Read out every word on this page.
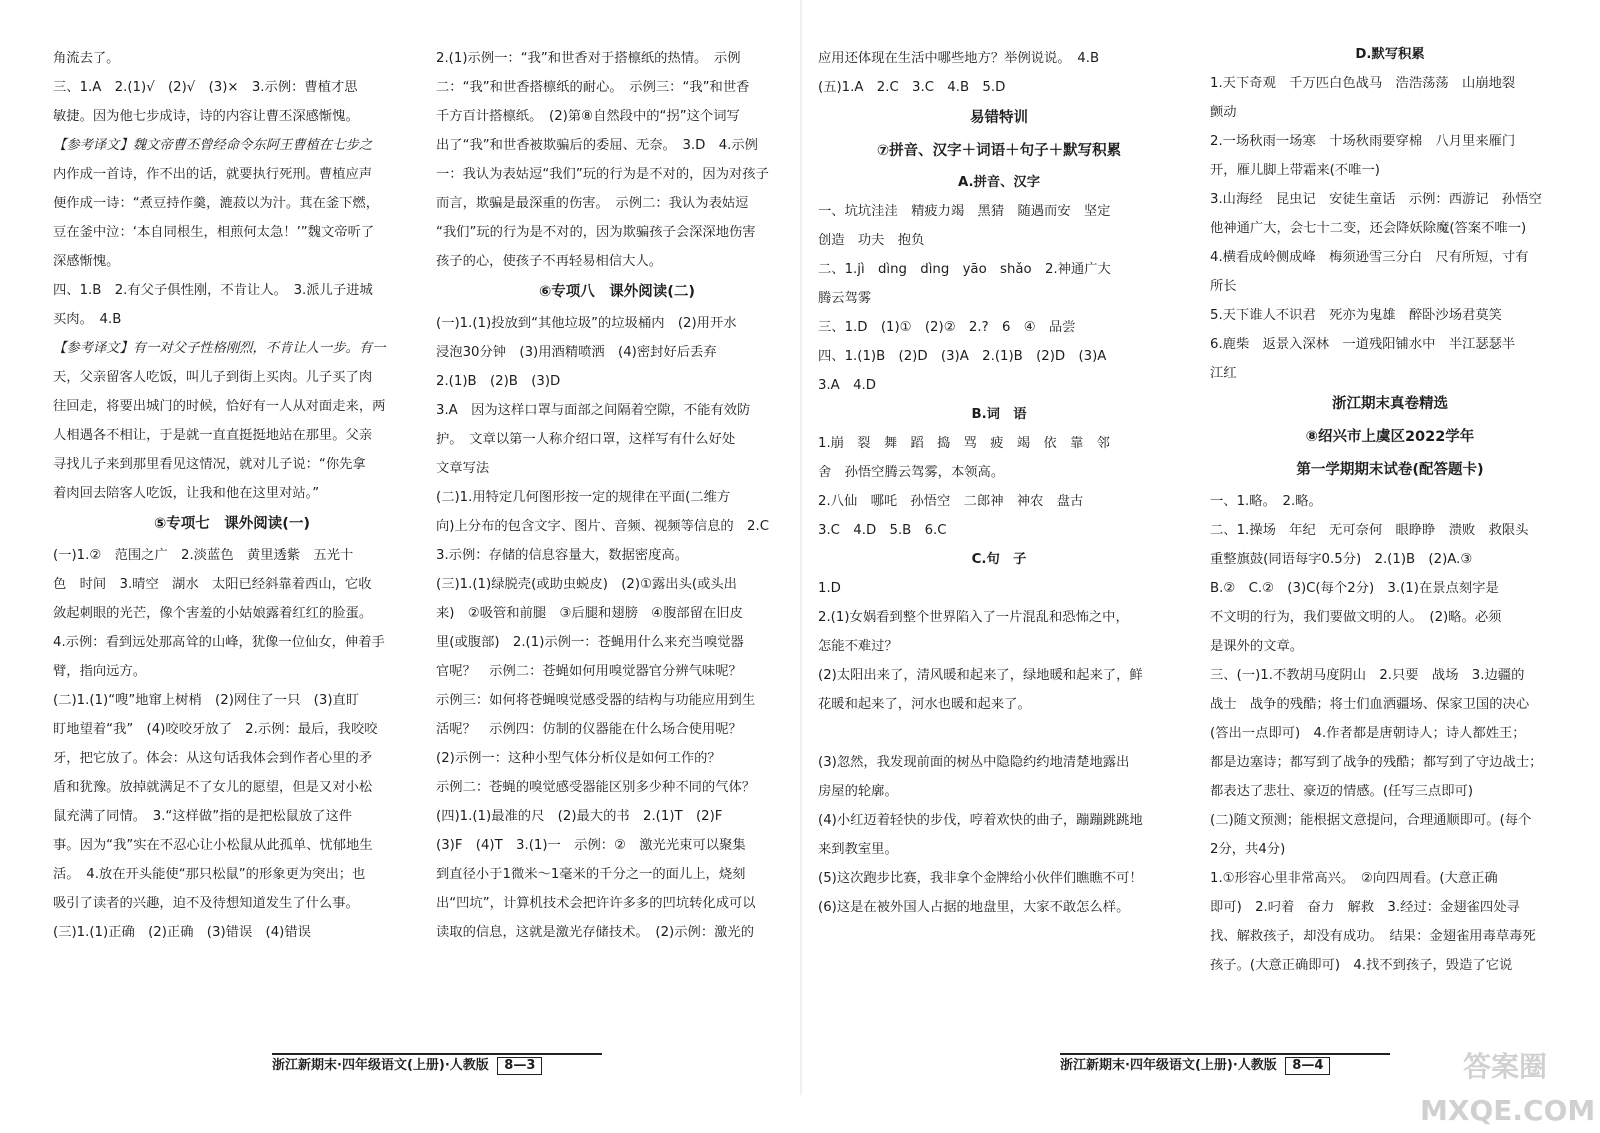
角流去了。
三、1.A　2.(1)√　(2)√　(3)×　3.示例：曹植才思
敏捷。因为他七步成诗，诗的内容让曹丕深感惭愧。
【参考译文】魏文帝曹丕曾经命令东阿王曹植在七步之
内作成一首诗，作不出的话，就要执行死刑。曹植应声
便作成一诗：“煮豆持作羹，漉菽以为汁。萁在釜下燃，
豆在釜中泣：‘本自同根生，相煎何太急！’”魏文帝听了
深感惭愧。
四、1.B　2.有父子俱性刚，不肯让人。　3.派儿子进城
买肉。　4.B
【参考译文】有一对父子性格刚烈，不肯让人一步。有一
天，父亲留客人吃饭，叫儿子到街上买肉。儿子买了肉
往回走，将要出城门的时候，恰好有一人从对面走来，两
人相遇各不相让，于是就一直直挺挺地站在那里。父亲
寻找儿子来到那里看见这情况，就对儿子说：“你先拿
着肉回去陪客人吃饭，让我和他在这里对站。”
⑤专项七　课外阅读(一)
(一)1.②　范围之广　2.淡蓝色　黄里透紫　五光十
色　时间　3.晴空　湖水　太阳已经斜靠着西山，它收
敛起刺眼的光芒，像个害羞的小姑娘露着红红的脸蛋。
4.示例：看到远处那高耸的山峰，犹像一位仙女，伸着手
臂，指向远方。
(二)1.(1)“嗖”地窜上树梢　(2)网住了一只　(3)直盯
盯地望着“我”　(4)咬咬牙放了　2.示例：最后，我咬咬
牙，把它放了。体会：从这句话我体会到作者心里的矛
盾和犹豫。放掉就满足不了女儿的愿望，但是又对小松
鼠充满了同情。　3.“这样做”指的是把松鼠放了这件
事。因为“我”实在不忍心让小松鼠从此孤单、忧郁地生
活。　4.放在开头能使“那只松鼠”的形象更为突出；也
吸引了读者的兴趣，迫不及待想知道发生了什么事。
(三)1.(1)正确　(2)正确　(3)错误　(4)错误
2.(1)示例一：“我”和世香对于搭檩纸的热情。　示例
二：“我”和世香搭檩纸的耐心。　示例三：“我”和世香
千方百计搭檩纸。　(2)第⑧自然段中的“拐”这个词写
出了“我”和世香被欺骗后的委屈、无奈。　3.D　4.示例
一：我认为表姑逗“我们”玩的行为是不对的，因为对孩子
而言，欺骗是最深重的伤害。　示例二：我认为表姑逗
“我们”玩的行为是不对的，因为欺骗孩子会深深地伤害
孩子的心，使孩子不再轻易相信大人。
⑥专项八　课外阅读(二)
(一)1.(1)投放到“其他垃圾”的垃圾桶内　(2)用开水
浸泡30分钟　(3)用酒精喷洒　(4)密封好后丢弃
2.(1)B　(2)B　(3)D
3.A　因为这样口罩与面部之间隔着空隙，不能有效防
护。　文章以第一人称介绍口罩，这样写有什么好处
文章写法
(二)1.用特定几何图形按一定的规律在平面(二维方
向)上分布的包含文字、图片、音频、视频等信息的　2.C
3.示例：存储的信息容量大，数据密度高。
(三)1.(1)绿脱壳(或助虫蜕皮)　(2)①露出头(或头出
来)　②吸管和前腿　③后腿和翅膀　④腹部留在旧皮
里(或腹部)　2.(1)示例一：苍蝇用什么来充当嗅觉器
官呢？　示例二：苍蝇如何用嗅觉器官分辨气味呢？
示例三：如何将苍蝇嗅觉感受器的结构与功能应用到生
活呢？　示例四：仿制的仪器能在什么场合使用呢？
(2)示例一：这种小型气体分析仪是如何工作的？
示例二：苍蝇的嗅觉感受器能区别多少种不同的气体？
(四)1.(1)最准的尺　(2)最大的书　2.(1)T　(2)F
(3)F　(4)T　3.(1)一　示例：②　激光光束可以聚集
到直径小于1微米～1毫米的千分之一的面儿上，烧刻
出“凹坑”，计算机技术会把许许多多的凹坑转化成可以
读取的信息，这就是激光存储技术。　(2)示例：激光的
应用还体现在生活中哪些地方？举例说说。　4.B
(五)1.A　2.C　3.C　4.B　5.D
易错特训
⑦拼音、汉字＋词语＋句子＋默写积累
A.拼音、汉字
一、坑坑洼洼　精疲力竭　黑猜　随遇而安　坚定
创造　功夫　抱负
二、1.jì　dìng　dìng　yāo　shǎo　2.神通广大
腾云驾雾
三、1.D　(1)①　(2)②　2.?　6　④　品尝
四、1.(1)B　(2)D　(3)A　2.(1)B　(2)D　(3)A
3.A　4.D
B.词　语
1.崩　裂　舞　蹈　捣　骂　疲　竭　依　靠　邻
舍　孙悟空腾云驾雾，本领高。
2.八仙　哪吒　孙悟空　二郎神　神农　盘古
3.C　4.D　5.B　6.C
C.句　子
1.D
2.(1)女娲看到整个世界陷入了一片混乱和恐怖之中，
怎能不难过？
(2)太阳出来了，清风暖和起来了，绿地暖和起来了，鲜
花暖和起来了，河水也暖和起来了。
(3)忽然，我发现前面的树丛中隐隐约约地清楚地露出
房屋的轮廓。
(4)小红迈着轻快的步伐，哼着欢快的曲子，蹦蹦跳跳地
来到教室里。
(5)这次跑步比赛，我非拿个金牌给小伙伴们瞧瞧不可！
(6)这是在被外国人占据的地盘里，大家不敢怎么样。
D.默写积累
1.天下奇观　千万匹白色战马　浩浩荡荡　山崩地裂
颤动
2.一场秋雨一场寒　十场秋雨要穿棉　八月里来雁门
开，雁儿脚上带霜来(不唯一)
3.山海经　昆虫记　安徒生童话　示例：西游记　孙悟空
他神通广大，会七十二变，还会降妖除魔(答案不唯一)
4.横看成岭侧成峰　梅须逊雪三分白　尺有所短，寸有
所长
5.天下谁人不识君　死亦为鬼雄　醉卧沙场君莫笑
6.鹿柴　返景入深林　一道残阳铺水中　半江瑟瑟半
江红
浙江期末真卷精选
⑧绍兴市上虞区2022学年
第一学期期末试卷(配答题卡)
一、1.略。　2.略。
二、1.操场　年纪　无可奈何　眼睁睁　溃败　救限头
重整旗鼓(同语每字0.5分)　2.(1)B　(2)A.③
B.②　C.②　(3)C(每个2分)　3.(1)在景点刻字是
不文明的行为，我们要做文明的人。　(2)略。必须
是课外的文章。
三、(一)1.不教胡马度阴山　2.只要　战场　3.边疆的
战士　战争的残酷；将士们血洒疆场、保家卫国的决心
(答出一点即可)　4.作者都是唐朝诗人；诗人都姓王；
都是边塞诗；都写到了战争的残酷；都写到了守边战士；
都表达了悲壮、豪迈的情感。(任写三点即可)
(二)随文预测；能根据文意提问，合理通顺即可。(每个
2分，共4分)
1.①形容心里非常高兴。　②向四周看。(大意正确
即可)　2.叼着　奋力　解救　3.经过：金翅雀四处寻
找、解救孩子，却没有成功。　结果：金翅雀用毒草毒死
孩子。(大意正确即可)　4.找不到孩子，毁造了它说
浙江新期末·四年级语文(上册)·人教版 8—3	浙江新期末·四年级语文(上册)·人教版 8—4	答案圈 MXQE.COM
